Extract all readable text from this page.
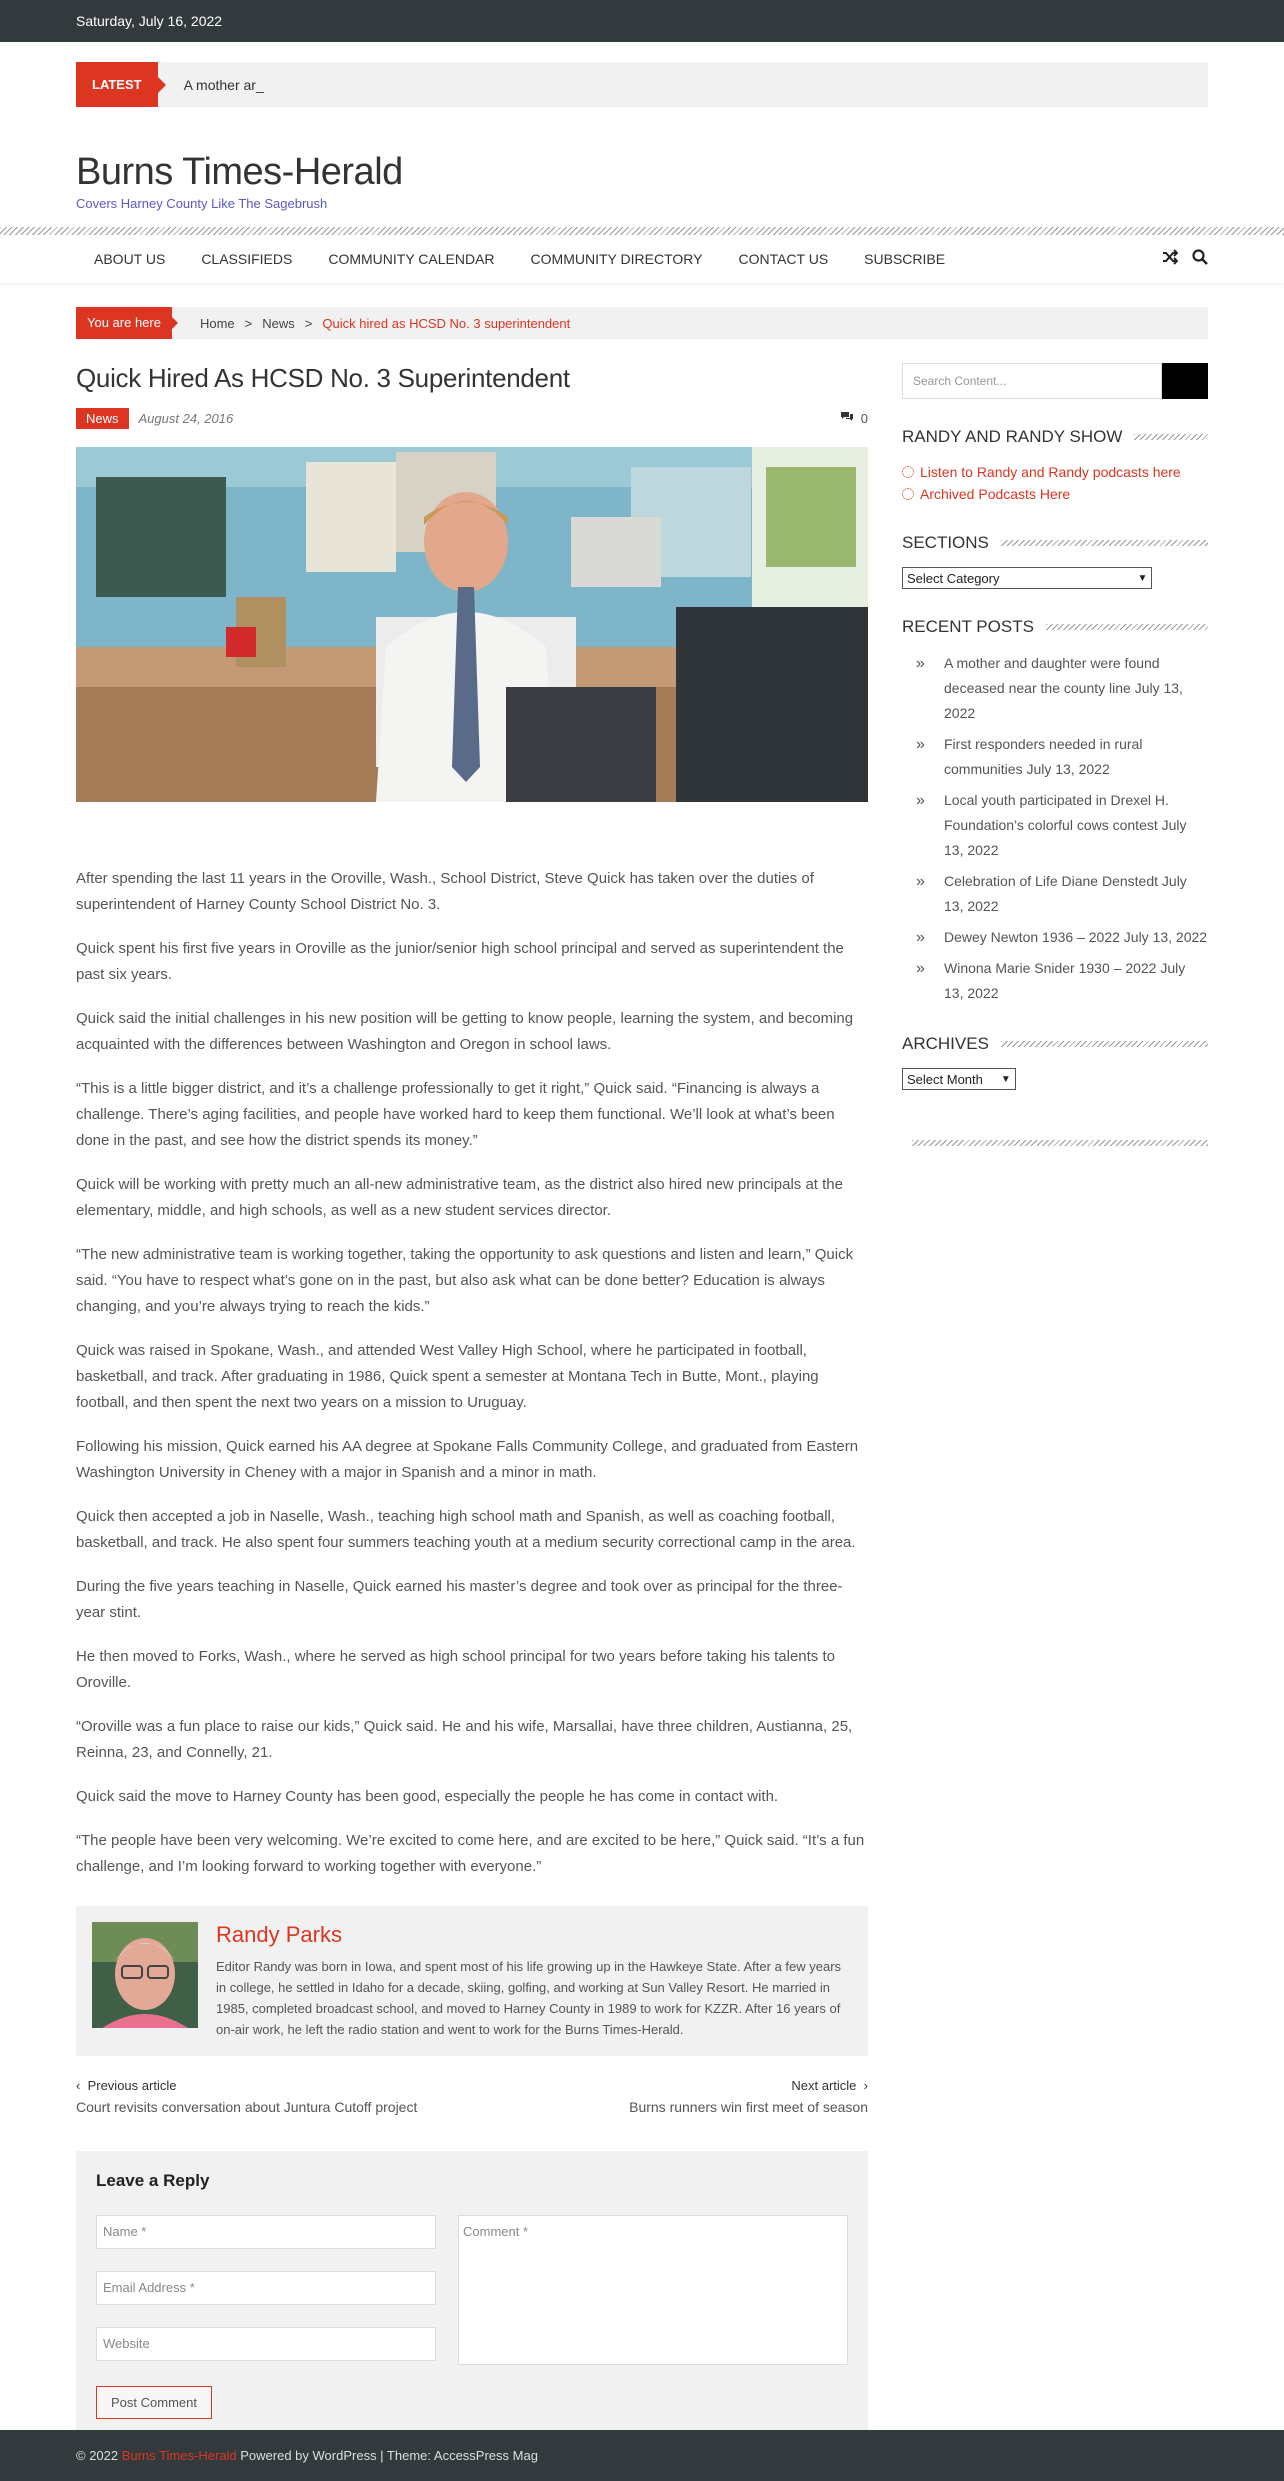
Saturday, July 16, 2022
LATEST	A mother ar_
Burns Times-Herald
Covers Harney County Like The Sagebrush
ABOUT US	CLASSIFIEDS	COMMUNITY CALENDAR	COMMUNITY DIRECTORY	CONTACT US	SUBSCRIBE
You are here	Home > News > Quick hired as HCSD No. 3 superintendent
Quick Hired As HCSD No. 3 Superintendent
News	August 24, 2016	0

After spending the last 11 years in the Oroville, Wash., School District, Steve Quick has taken over the duties of superintendent of Harney County School District No. 3.

Quick spent his first five years in Oroville as the junior/senior high school principal and served as superintendent the past six years.

Quick said the initial challenges in his new position will be getting to know people, learning the system, and becoming acquainted with the differences between Washington and Oregon in school laws.

“This is a little bigger district, and it’s a challenge professionally to get it right,” Quick said. “Financing is always a challenge. There’s aging facilities, and people have worked hard to keep them functional. We’ll look at what’s been done in the past, and see how the district spends its money.”

Quick will be working with pretty much an all-new administrative team, as the district also hired new principals at the elementary, middle, and high schools, as well as a new student services director.

“The new administrative team is working together, taking the opportunity to ask questions and listen and learn,” Quick said. “You have to respect what’s gone on in the past, but also ask what can be done better? Education is always changing, and you’re always trying to reach the kids.”

Quick was raised in Spokane, Wash., and attended West Valley High School, where he participated in football, basketball, and track. After graduating in 1986, Quick spent a semester at Montana Tech in Butte, Mont., playing football, and then spent the next two years on a mission to Uruguay.

Following his mission, Quick earned his AA degree at Spokane Falls Community College, and graduated from Eastern Washington University in Cheney with a major in Spanish and a minor in math.

Quick then accepted a job in Naselle, Wash., teaching high school math and Spanish, as well as coaching football, basketball, and track. He also spent four summers teaching youth at a medium security correctional camp in the area.

During the five years teaching in Naselle, Quick earned his master’s degree and took over as principal for the three-year stint.

He then moved to Forks, Wash., where he served as high school principal for two years before taking his talents to Oroville.

“Oroville was a fun place to raise our kids,” Quick said. He and his wife, Marsallai, have three children, Austianna, 25, Reinna, 23, and Connelly, 21.

Quick said the move to Harney County has been good, especially the people he has come in contact with.

“The people have been very welcoming. We’re excited to come here, and are excited to be here,” Quick said. “It’s a fun challenge, and I’m looking forward to working together with everyone.”

Randy Parks
Editor Randy was born in Iowa, and spent most of his life growing up in the Hawkeye State. After a few years in college, he settled in Idaho for a decade, skiing, golfing, and working at Sun Valley Resort. He married in 1985, completed broadcast school, and moved to Harney County in 1989 to work for KZZR. After 16 years of on-air work, he left the radio station and went to work for the Burns Times-Herald.
‹ Previous article
Court revisits conversation about Juntura Cutoff project
Next article ›
Burns runners win first meet of season
Leave a Reply
Name *
Email Address *
Website
Comment *
Post Comment
Search Content...
RANDY AND RANDY SHOW
Listen to Randy and Randy podcasts here
Archived Podcasts Here
SECTIONS
Select Category	▼
RECENT POSTS
» A mother and daughter were found deceased near the county line July 13, 2022
» First responders needed in rural communities July 13, 2022
» Local youth participated in Drexel H. Foundation’s colorful cows contest July 13, 2022
» Celebration of Life Diane Denstedt July 13, 2022
» Dewey Newton 1936 – 2022 July 13, 2022
» Winona Marie Snider 1930 – 2022 July 13, 2022
ARCHIVES
Select Month ▼
© 2022 Burns Times-Herald Powered by WordPress | Theme: AccessPress Mag
